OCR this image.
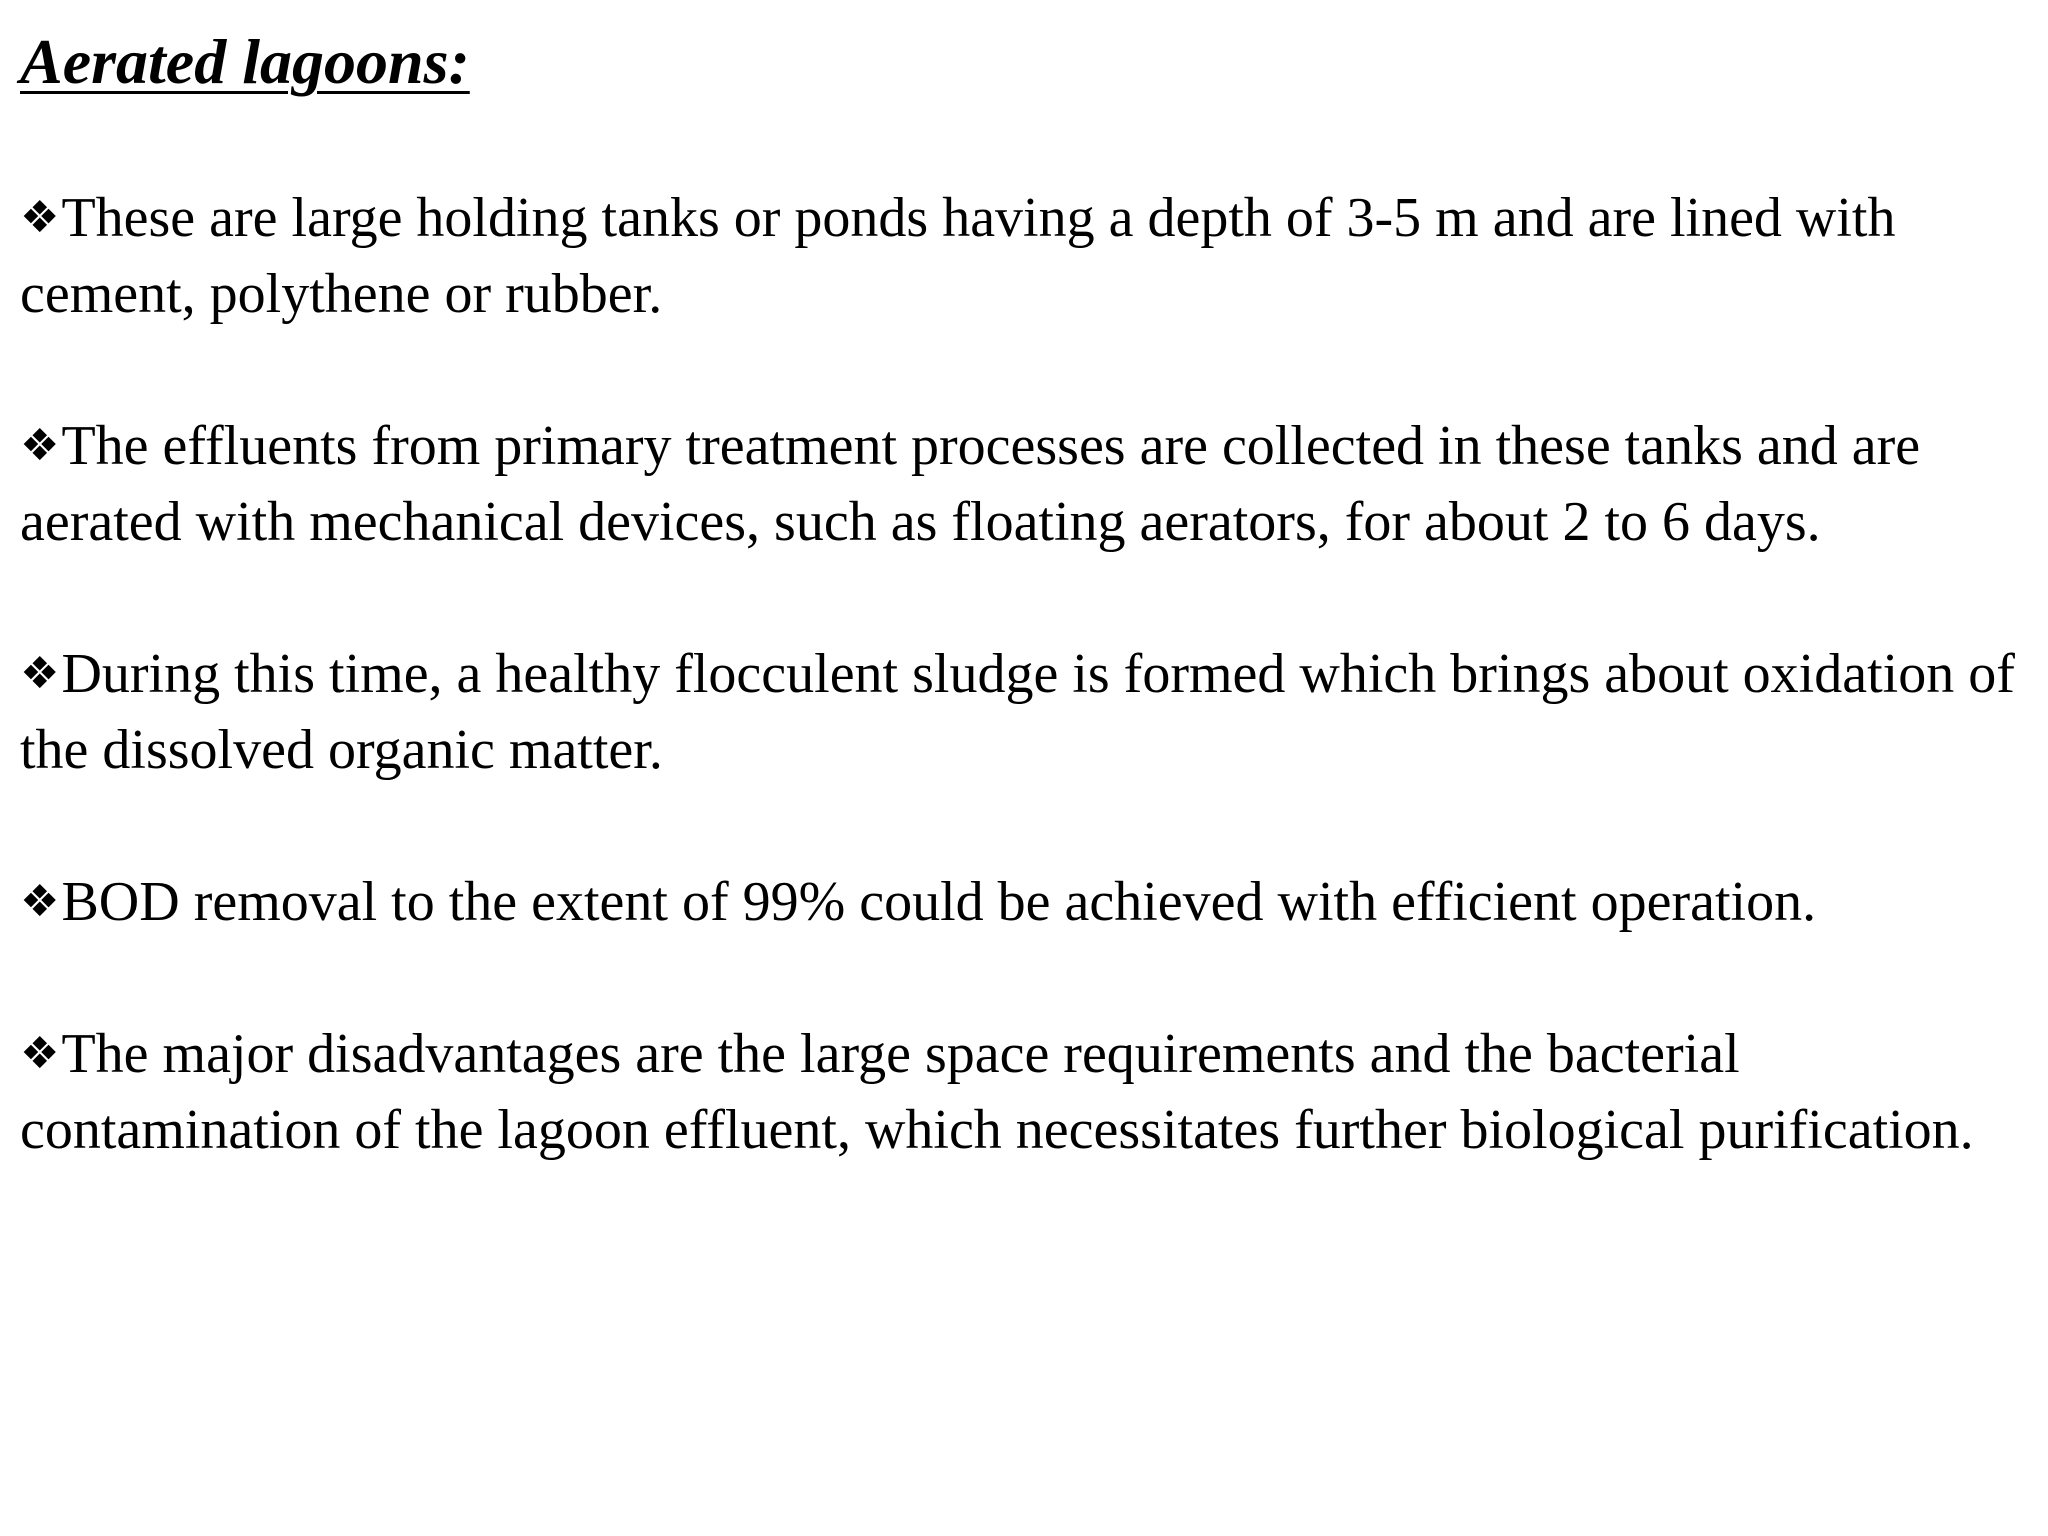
Aerated lagoons:
❖These are large holding tanks or ponds having a depth of 3-5 m and are lined with cement, polythene or rubber.
❖The effluents from primary treatment processes are collected in these tanks and are aerated with mechanical devices, such as floating aerators, for about 2 to 6 days.
❖During this time, a healthy flocculent sludge is formed which brings about oxidation of the dissolved organic matter.
❖BOD removal to the extent of 99% could be achieved with efficient operation.
❖The major disadvantages are the large space requirements and the bacterial contamination of the lagoon effluent, which necessitates further biological purification.
